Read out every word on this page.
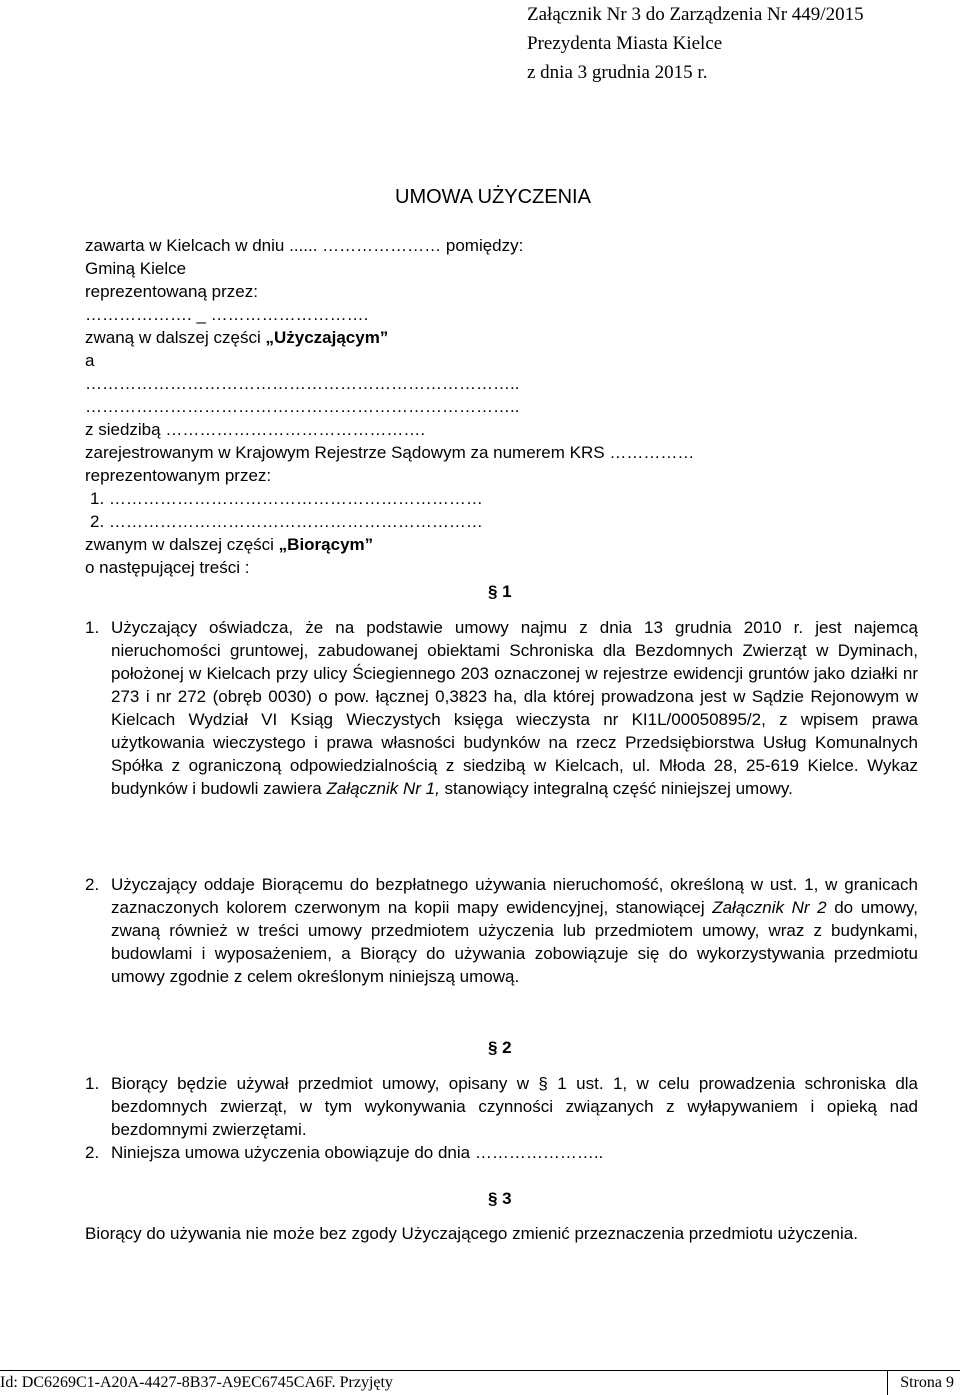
Załącznik Nr 3 do Zarządzenia Nr 449/2015
Prezydenta Miasta Kielce
z dnia 3 grudnia 2015 r.
UMOWA UŻYCZENIA
zawarta w Kielcach w dniu ...... ………………… pomiędzy:
Gminą Kielce
reprezentowaną przez:
………………. _ ……………………….
zwaną w dalszej części „Użyczającym”
a
…………………………………………………………………..
…………………………………………………………………..
z siedzibą ……………………………………….
zarejestrowanym w Krajowym Rejestrze Sądowym za numerem KRS ……………
reprezentowanym przez:
1. …………………………………………………………
2. …………………………………………………………
zwanym w dalszej części „Biorącym”
o następującej treści :
§ 1
1. Użyczający oświadcza, że na podstawie umowy najmu z dnia 13 grudnia 2010 r. jest najemcą nieruchomości gruntowej, zabudowanej obiektami Schroniska dla Bezdomnych Zwierząt w Dyminach, położonej w Kielcach przy ulicy Ściegiennego 203 oznaczonej w rejestrze ewidencji gruntów jako działki nr 273 i nr 272 (obręb 0030) o pow. łącznej 0,3823 ha, dla której prowadzona jest w Sądzie Rejonowym w Kielcach Wydział VI Ksiąg Wieczystych księga wieczysta nr KI1L/00050895/2, z wpisem prawa użytkowania wieczystego i prawa własności budynków na rzecz Przedsiębiorstwa Usług Komunalnych Spółka z ograniczoną odpowiedzialnością z siedzibą w Kielcach, ul. Młoda 28, 25-619 Kielce. Wykaz budynków i budowli zawiera Załącznik Nr 1, stanowiący integralną część niniejszej umowy.
2. Użyczający oddaje Biorącemu do bezpłatnego używania nieruchomość, określoną w ust. 1, w granicach zaznaczonych kolorem czerwonym na kopii mapy ewidencyjnej, stanowiącej Załącznik Nr 2 do umowy, zwaną również w treści umowy przedmiotem użyczenia lub przedmiotem umowy, wraz z budynkami, budowlami i wyposażeniem, a Biorący do używania zobowiązuje się do wykorzystywania przedmiotu umowy zgodnie z celem określonym niniejszą umową.
§ 2
1. Biorący będzie używał przedmiot umowy, opisany w § 1 ust. 1, w celu prowadzenia schroniska dla bezdomnych zwierząt, w tym wykonywania czynności związanych z wyłapywaniem i opieką nad bezdomnymi zwierzętami.
2. Niniejsza umowa użyczenia obowiązuje do dnia …………………..
§ 3
Biorący do używania nie może bez zgody Użyczającego zmienić przeznaczenia przedmiotu użyczenia.
Id: DC6269C1-A20A-4427-8B37-A9EC6745CA6F. Przyjęty	Strona 9
